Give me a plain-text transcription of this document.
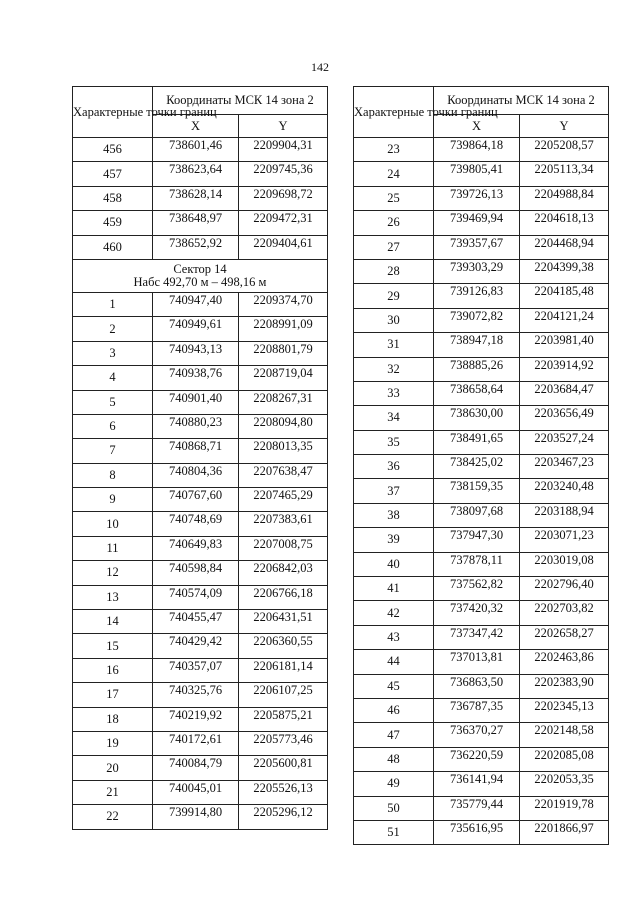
142
Характерные точки границ	Координаты МСК 14 зона 2	
	X	Y
456	738601,46	2209904,31
457	738623,64	2209745,36
458	738628,14	2209698,72
459	738648,97	2209472,31
460	738652,92	2209404,61

Сектор 14
Набс 492,70 м – 498,16 м		

1	740947,40	2209374,70
2	740949,61	2208991,09
3	740943,13	2208801,79
4	740938,76	2208719,04
5	740901,40	2208267,31
6	740880,23	2208094,80
7	740868,71	2208013,35
8	740804,36	2207638,47
9	740767,60	2207465,29
10	740748,69	2207383,61
11	740649,83	2207008,75
12	740598,84	2206842,03
13	740574,09	2206766,18
14	740455,47	2206431,51
15	740429,42	2206360,55
16	740357,07	2206181,14
17	740325,76	2206107,25
18	740219,92	2205875,21
19	740172,61	2205773,46
20	740084,79	2205600,81
21	740045,01	2205526,13
22	739914,80	2205296,12
Характерные точки границ	Координаты МСК 14 зона 2	
	X	Y
23	739864,18	2205208,57
24	739805,41	2205113,34
25	739726,13	2204988,84
26	739469,94	2204618,13
27	739357,67	2204468,94
28	739303,29	2204399,38
29	739126,83	2204185,48
30	739072,82	2204121,24
31	738947,18	2203981,40
32	738885,26	2203914,92
33	738658,64	2203684,47
34	738630,00	2203656,49
35	738491,65	2203527,24
36	738425,02	2203467,23
37	738159,35	2203240,48
38	738097,68	2203188,94
39	737947,30	2203071,23
40	737878,11	2203019,08
41	737562,82	2202796,40
42	737420,32	2202703,82
43	737347,42	2202658,27
44	737013,81	2202463,86
45	736863,50	2202383,90
46	736787,35	2202345,13
47	736370,27	2202148,58
48	736220,59	2202085,08
49	736141,94	2202053,35
50	735779,44	2201919,78
51	735616,95	2201866,97
